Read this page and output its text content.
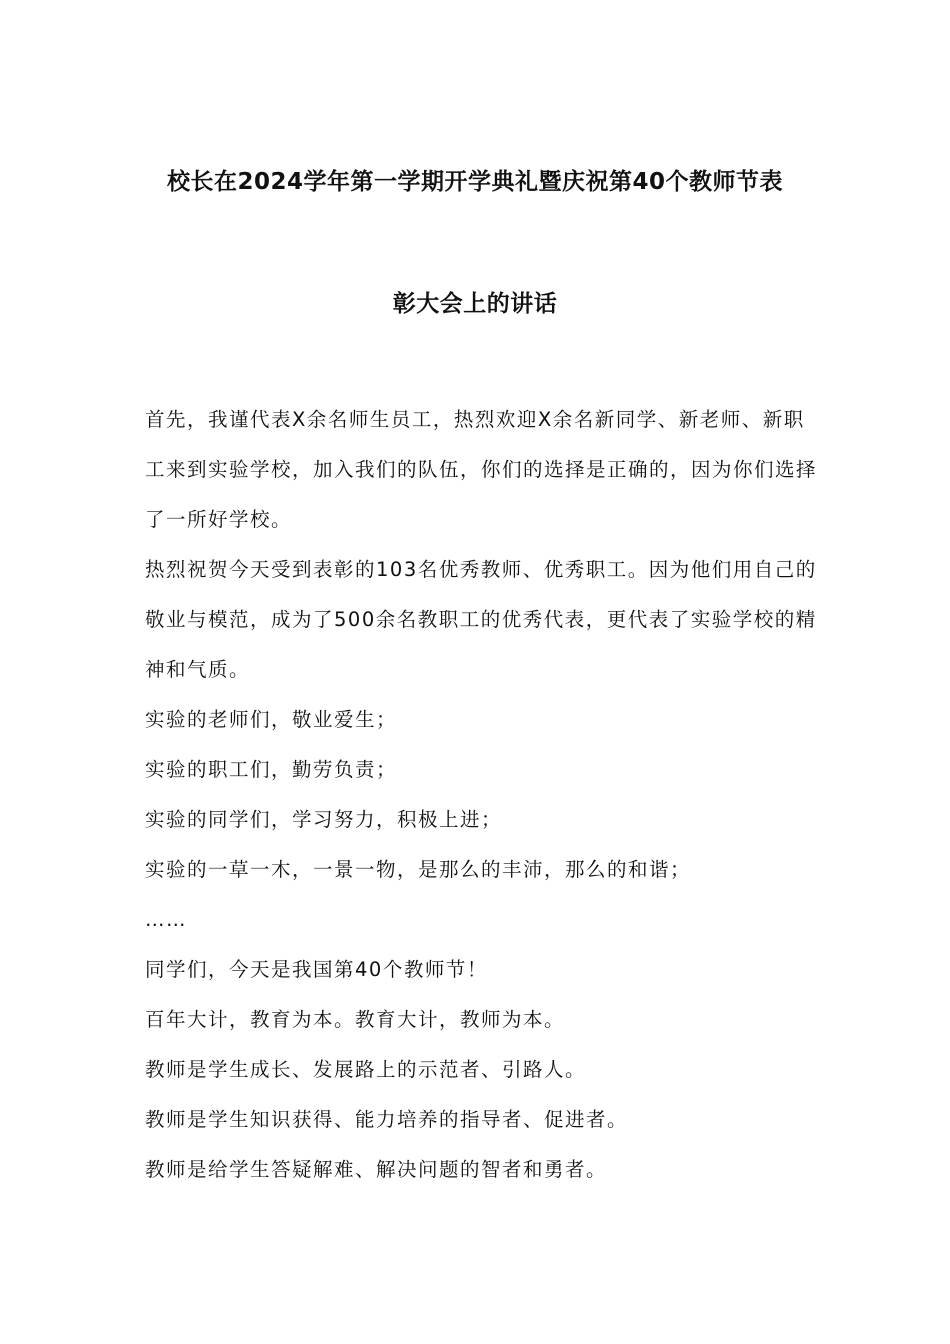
校长在2024学年第一学期开学典礼暨庆祝第40个教师节表
彰大会上的讲话

首先，我谨代表X余名师生员工，热烈欢迎X余名新同学、新老师、新职工来到实验学校，加入我们的队伍，你们的选择是正确的，因为你们选择了一所好学校。

热烈祝贺今天受到表彰的103名优秀教师、优秀职工。因为他们用自己的敬业与模范，成为了500余名教职工的优秀代表，更代表了实验学校的精神和气质。

实验的老师们，敬业爱生；

实验的职工们，勤劳负责；

实验的同学们，学习努力，积极上进；

实验的一草一木，一景一物，是那么的丰沛，那么的和谐；

……

同学们，今天是我国第40个教师节！

百年大计，教育为本。教育大计，教师为本。

教师是学生成长、发展路上的示范者、引路人。

教师是学生知识获得、能力培养的指导者、促进者。

教师是给学生答疑解难、解决问题的智者和勇者。
